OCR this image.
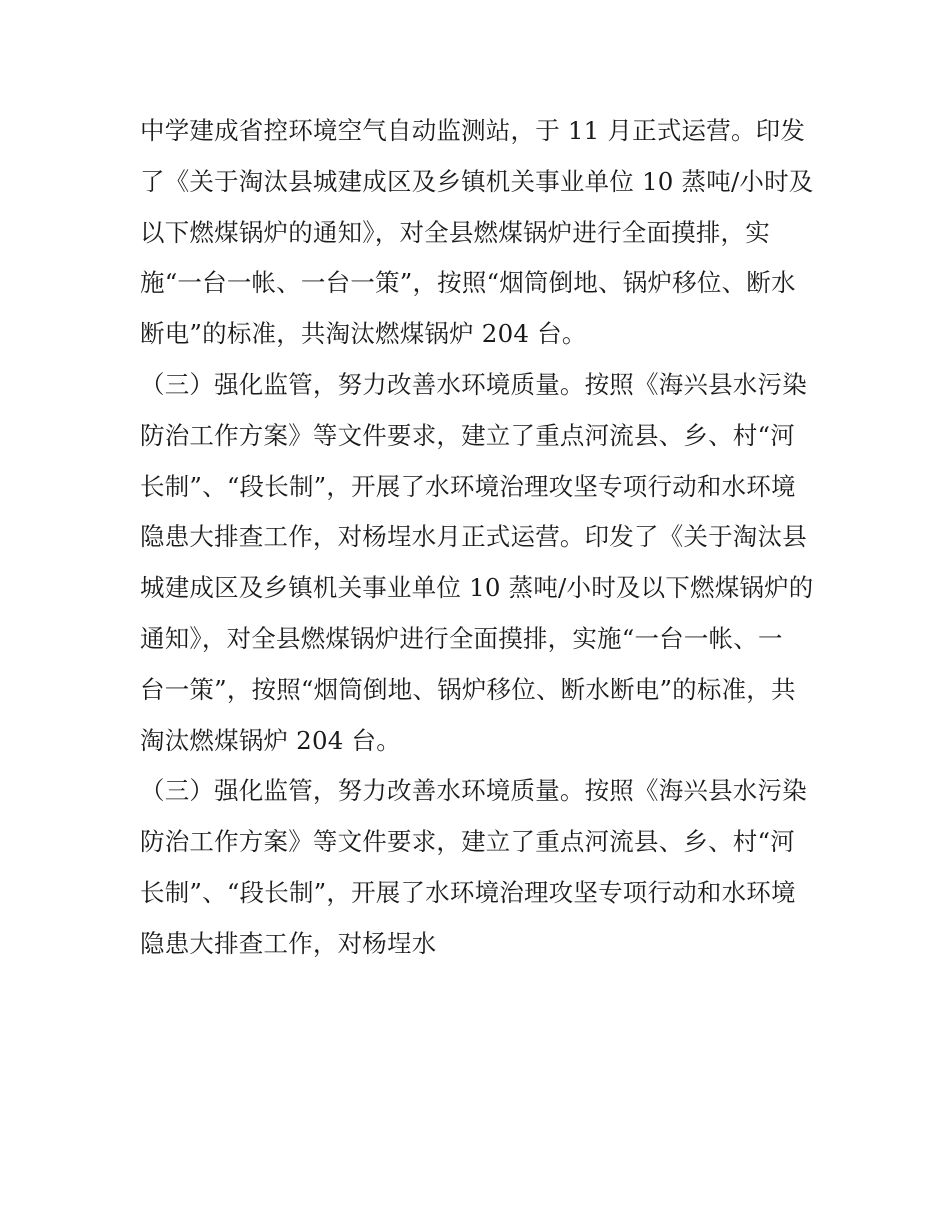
中学建成省控环境空气自动监测站，于 11 月正式运营。印发
了《关于淘汰县城建成区及乡镇机关事业单位 10 蒸吨/小时及
以下燃煤锅炉的通知》，对全县燃煤锅炉进行全面摸排，实
施“一台一帐、一台一策”，按照“烟筒倒地、锅炉移位、断水
断电”的标准，共淘汰燃煤锅炉 204 台。
（三）强化监管，努力改善水环境质量。按照《海兴县水污染
防治工作方案》等文件要求，建立了重点河流县、乡、村“河
长制”、“段长制”，开展了水环境治理攻坚专项行动和水环境
隐患大排查工作，对杨埕水月正式运营。印发了《关于淘汰县
城建成区及乡镇机关事业单位 10 蒸吨/小时及以下燃煤锅炉的
通知》，对全县燃煤锅炉进行全面摸排，实施“一台一帐、一
台一策”，按照“烟筒倒地、锅炉移位、断水断电”的标准，共
淘汰燃煤锅炉 204 台。
（三）强化监管，努力改善水环境质量。按照《海兴县水污染
防治工作方案》等文件要求，建立了重点河流县、乡、村“河
长制”、“段长制”，开展了水环境治理攻坚专项行动和水环境
隐患大排查工作，对杨埕水
